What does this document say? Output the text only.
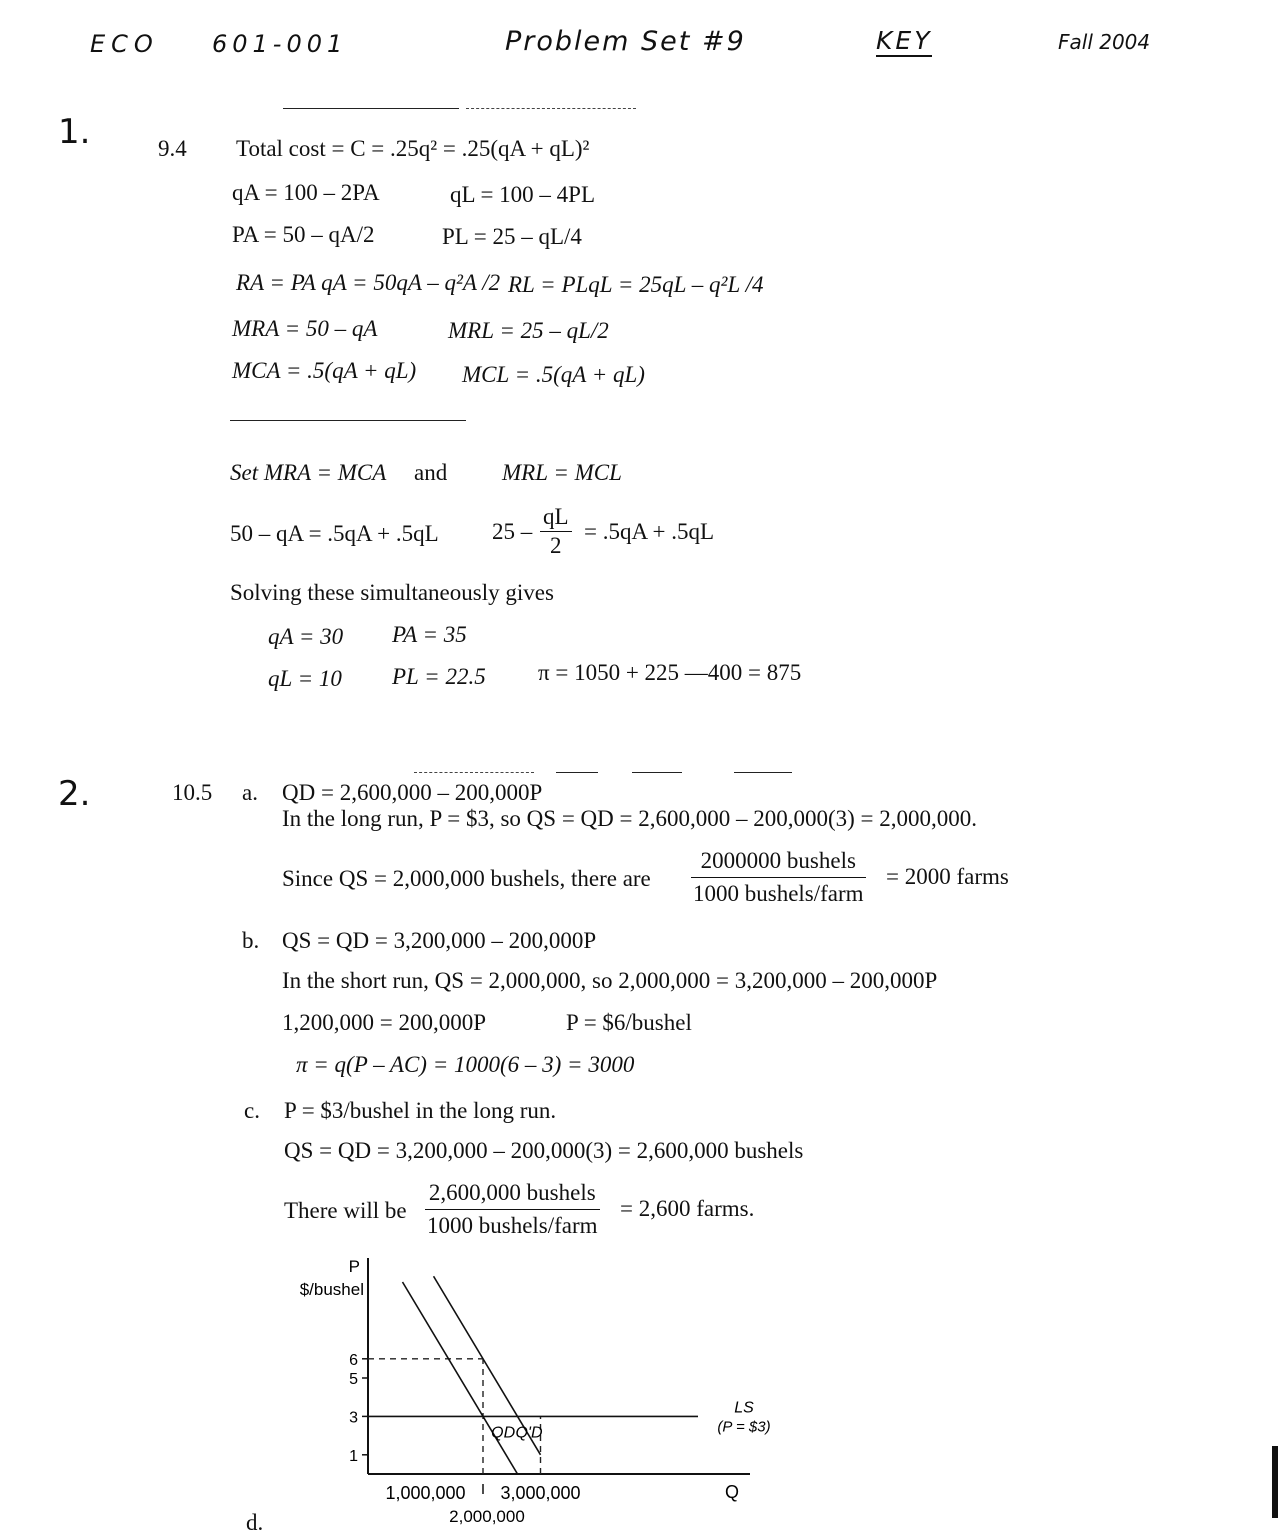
ECO 601-001	Problem Set #9	KEY	Fall 2004
1.	9.4 Total cost = C = .25q² = .25(qA + qL)²
qA = 100 – 2PA	qL = 100 – 4PL
PA = 50 – qA/2	PL = 25 – qL/4
RA = PA qA = 50qA – q²A /2 RL = PLqL = 25qL – q²L /4
MRA = 50 – qA	MRL = 25 – qL/2
MCA = .5(qA + qL) MCL = .5(qA + qL)
Set MRA = MCA and MRL = MCL
50 – qA = .5qA + .5qL $25 - \frac{qL}{2} = .5qA + .5qL$
Solving these simultaneously gives
qA = 30 PA = 35
qL = 10 PL = 22.5 π = 1050 + 225 —400 = 875
2.	10.5 a. QD = 2,600,000 – 200,000P
In the long run, P = $3, so QS = QD = 2,600,000 – 200,000(3) = 2,000,000.
Since QS = 2,000,000 bushels, there are $\frac{\text{2000000 bushels}}{\text{1000 bushels/farm}} = 2000$ farms
b. QS = QD = 3,200,000 – 200,000P
In the short run, QS = 2,000,000, so 2,000,000 = 3,200,000 – 200,000P
1,200,000 = 200,000P	P = $6/bushel
π = q(P – AC) = 1000(6 – 3) = 3000
c. P = $3/bushel in the long run.
QS = QD = 3,200,000 – 200,000(3) = 2,600,000 bushels
There will be $\frac{\text{2,600,000 bushels}}{\text{1000 bushels/farm}} = 2,600$ farms.
d.
P
$/bushel
Q
6
5
3
1
1,000,000 3,000,000
2,000,000
QD Q'D
LS
(P = $3)
